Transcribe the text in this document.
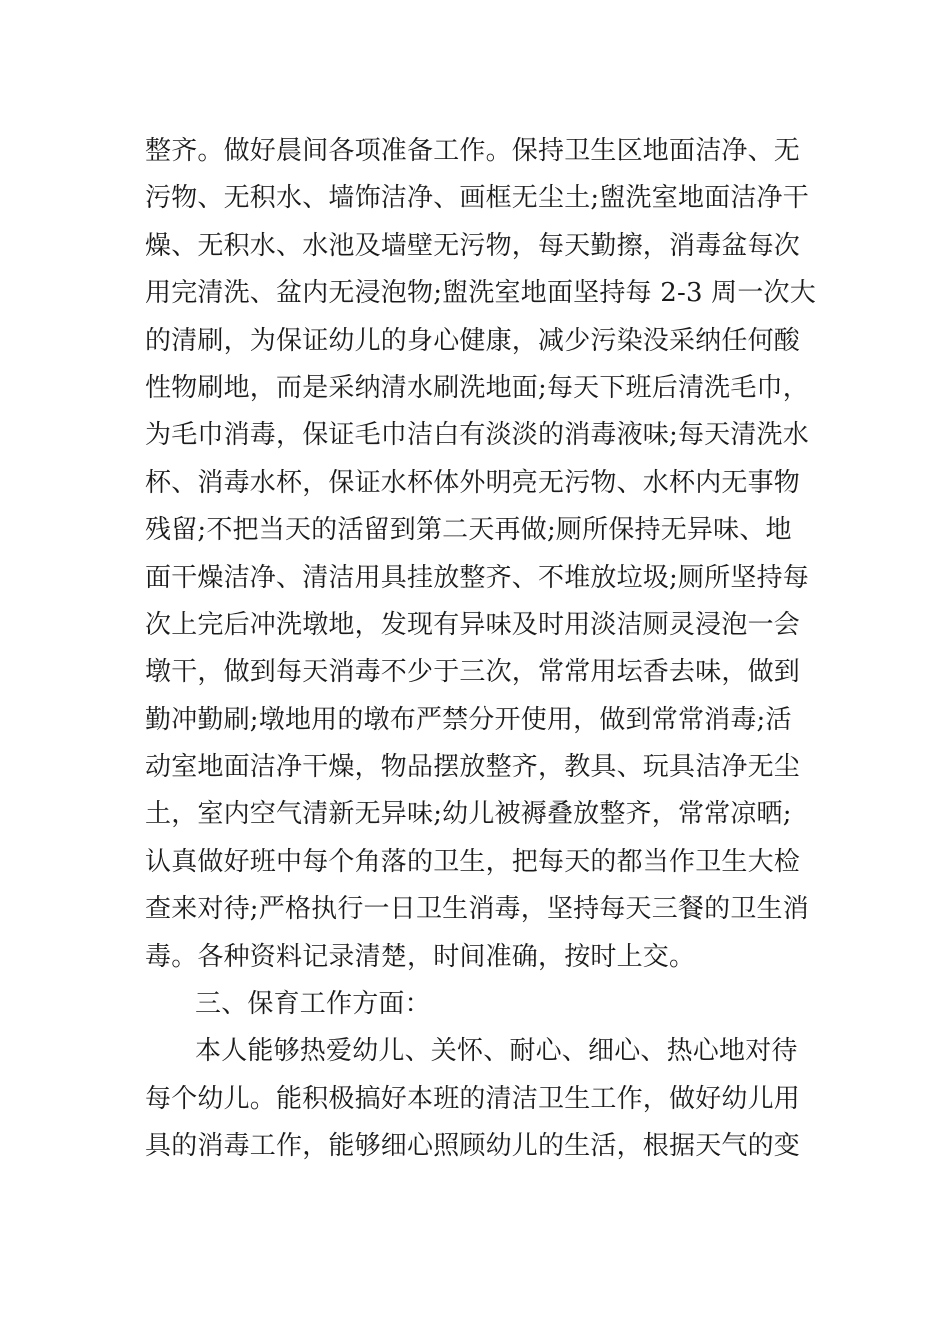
整齐。做好晨间各项准备工作。保持卫生区地面洁净、无
污物、无积水、墙饰洁净、画框无尘土;盥洗室地面洁净干
燥、无积水、水池及墙壁无污物，每天勤擦，消毒盆每次
用完清洗、盆内无浸泡物;盥洗室地面坚持每 2-3 周一次大
的清刷，为保证幼儿的身心健康，减少污染没采纳任何酸
性物刷地，而是采纳清水刷洗地面;每天下班后清洗毛巾，
为毛巾消毒，保证毛巾洁白有淡淡的消毒液味;每天清洗水
杯、消毒水杯，保证水杯体外明亮无污物、水杯内无事物
残留;不把当天的活留到第二天再做;厕所保持无异味、地
面干燥洁净、清洁用具挂放整齐、不堆放垃圾;厕所坚持每
次上完后冲洗墩地，发现有异味及时用淡洁厕灵浸泡一会
墩干，做到每天消毒不少于三次，常常用坛香去味，做到
勤冲勤刷;墩地用的墩布严禁分开使用，做到常常消毒;活
动室地面洁净干燥，物品摆放整齐，教具、玩具洁净无尘
土，室内空气清新无异味;幼儿被褥叠放整齐，常常凉晒;
认真做好班中每个角落的卫生，把每天的都当作卫生大检
查来对待;严格执行一日卫生消毒，坚持每天三餐的卫生消
毒。各种资料记录清楚，时间准确，按时上交。
三、保育工作方面：
本人能够热爱幼儿、关怀、耐心、细心、热心地对待
每个幼儿。能积极搞好本班的清洁卫生工作，做好幼儿用
具的消毒工作，能够细心照顾幼儿的生活，根据天气的变
